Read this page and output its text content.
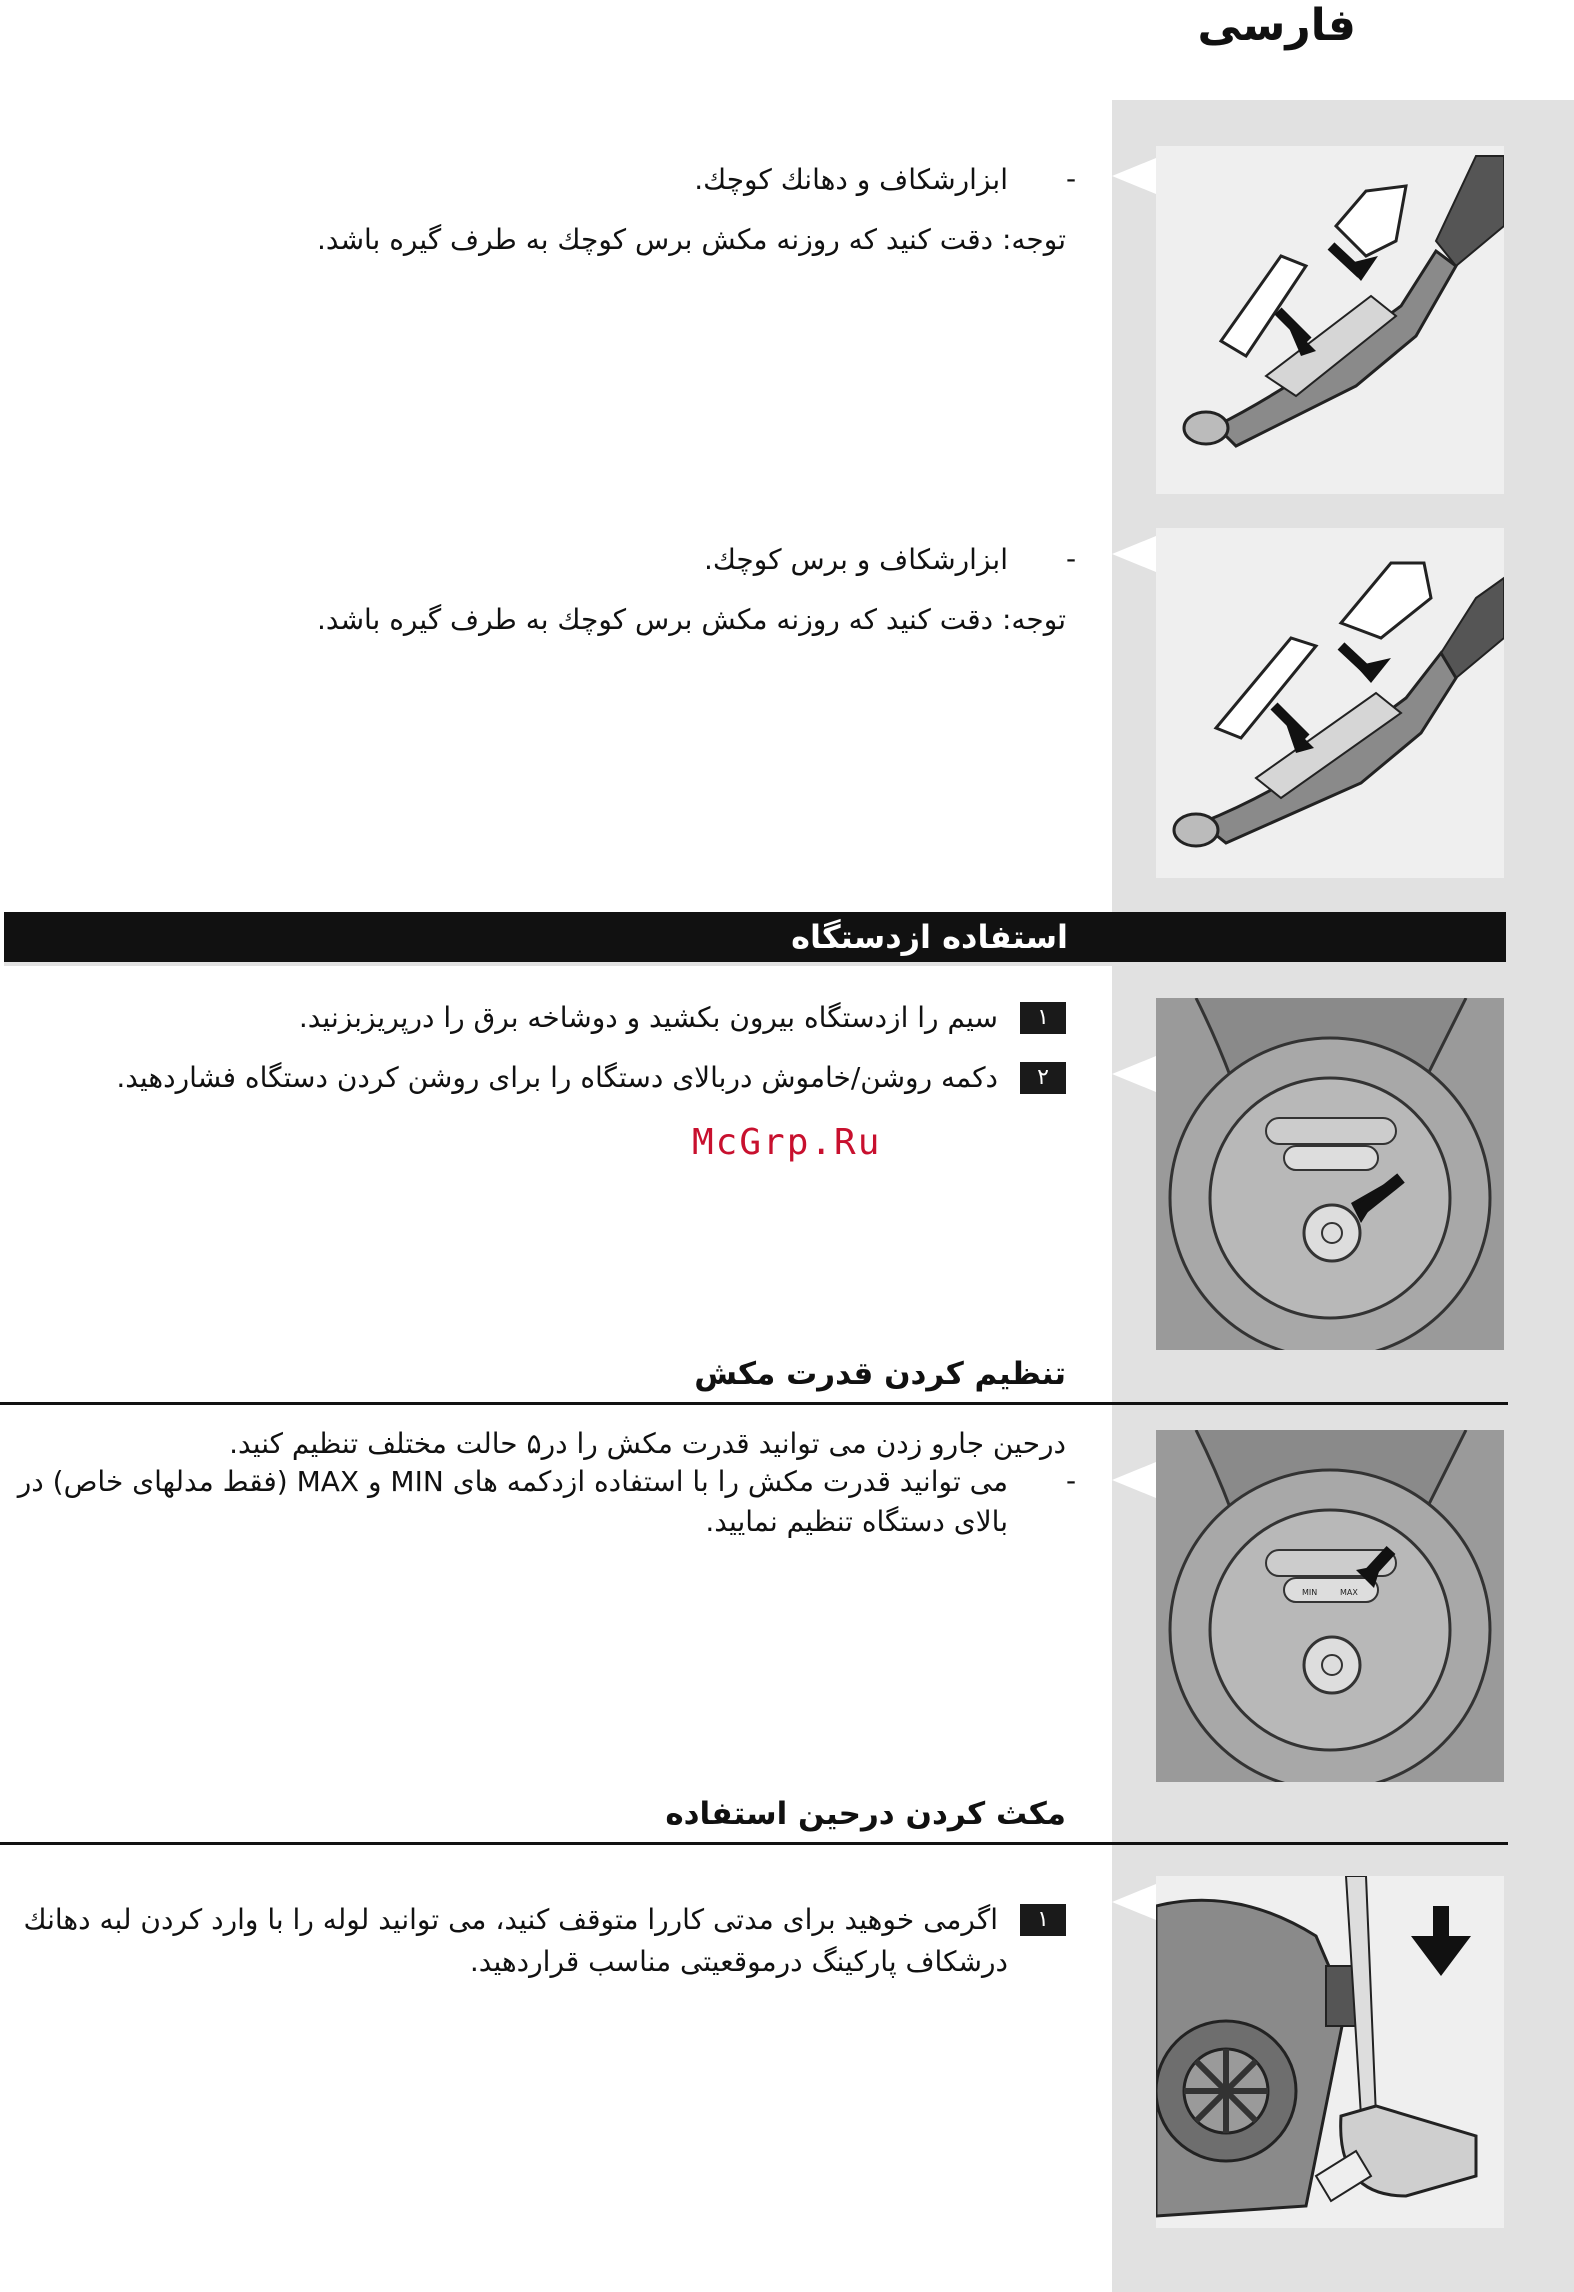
فارسی
-
ابزارشکاف و دهانك کوچك.
توجه: دقت کنید که روزنه مکش برس کوچك به طرف گیره باشد.
-
ابزارشکاف و برس کوچك.
توجه: دقت کنید که روزنه مکش برس کوچك به طرف گیره باشد.
استفاده ازدستگاه
١
سیم را ازدستگاه بیرون بکشید و دوشاخه برق را درپریزبزنید.
٢
دکمه روشن/خاموش دربالای دستگاه را برای روشن کردن دستگاه فشاردهید.
McGrp.Ru
تنظیم کردن قدرت مکش
MIN	MAX
درحین جارو زدن می توانید قدرت مکش را در۵ حالت مختلف تنظیم کنید.
-
می توانید قدرت مکش را با استفاده ازدکمه های MIN و MAX (فقط مدلهای خاص) در
بالای دستگاه تنظیم نمایید.
مکث کردن درحین استفاده
١
اگرمی خوهید برای مدتی کاررا متوقف کنید، می توانید لوله را با وارد کردن لبه دهانك
درشکاف پارکینگ درموقعیتی مناسب قراردهید.
